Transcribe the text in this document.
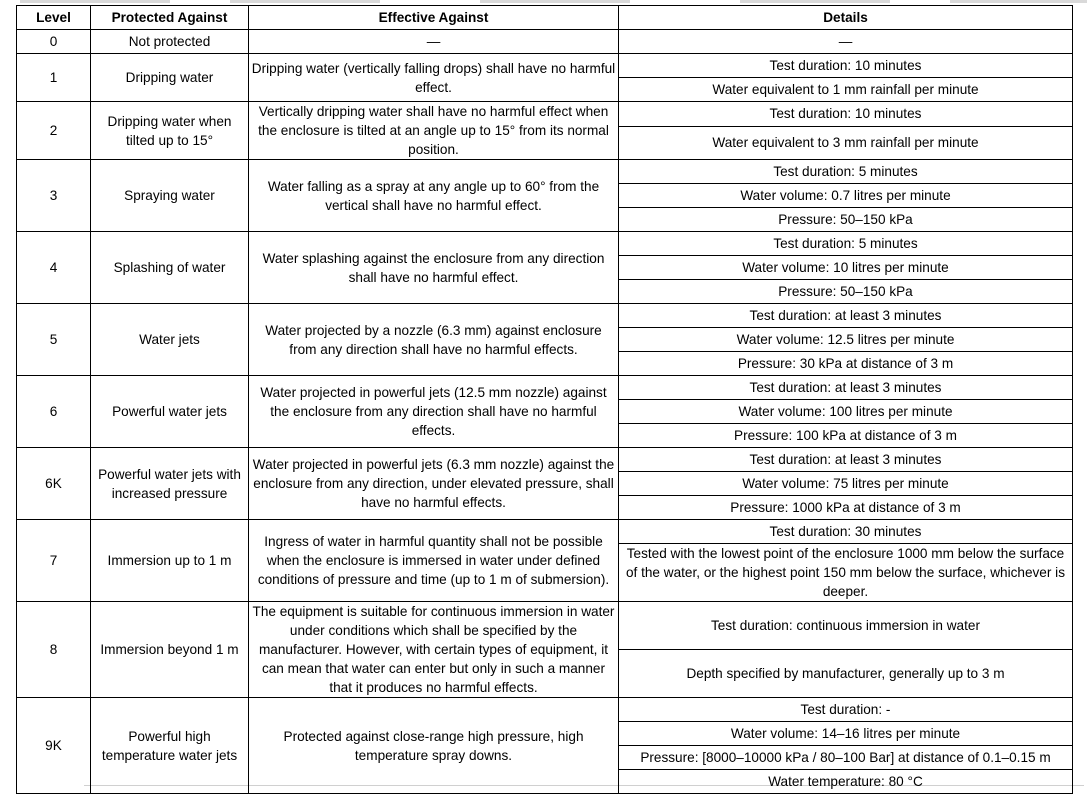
Level	Protected Against	Effective Against	Details
0	Not protected	—	—
1	Dripping water	Dripping water (vertically falling drops) shall have no harmful effect.	Test duration: 10 minutes
			Water equivalent to 1 mm rainfall per minute
2	Dripping water when tilted up to 15°	Vertically dripping water shall have no harmful effect when the enclosure is tilted at an angle up to 15° from its normal position.	Test duration: 10 minutes
			Water equivalent to 3 mm rainfall per minute
3	Spraying water	Water falling as a spray at any angle up to 60° from the vertical shall have no harmful effect.	Test duration: 5 minutes
			Water volume: 0.7 litres per minute
			Pressure: 50–150 kPa
4	Splashing of water	Water splashing against the enclosure from any direction shall have no harmful effect.	Test duration: 5 minutes
			Water volume: 10 litres per minute
			Pressure: 50–150 kPa
5	Water jets	Water projected by a nozzle (6.3 mm) against enclosure from any direction shall have no harmful effects.	Test duration: at least 3 minutes
			Water volume: 12.5 litres per minute
			Pressure: 30 kPa at distance of 3 m
6	Powerful water jets	Water projected in powerful jets (12.5 mm nozzle) against the enclosure from any direction shall have no harmful effects.	Test duration: at least 3 minutes
			Water volume: 100 litres per minute
			Pressure: 100 kPa at distance of 3 m
6K	Powerful water jets with increased pressure	Water projected in powerful jets (6.3 mm nozzle) against the enclosure from any direction, under elevated pressure, shall have no harmful effects.	Test duration: at least 3 minutes
			Water volume: 75 litres per minute
			Pressure: 1000 kPa at distance of 3 m
7	Immersion up to 1 m	Ingress of water in harmful quantity shall not be possible when the enclosure is immersed in water under defined conditions of pressure and time (up to 1 m of submersion).	Test duration: 30 minutes
			Tested with the lowest point of the enclosure 1000 mm below the surface of the water, or the highest point 150 mm below the surface, whichever is deeper.
8	Immersion beyond 1 m	The equipment is suitable for continuous immersion in water under conditions which shall be specified by the manufacturer. However, with certain types of equipment, it can mean that water can enter but only in such a manner that it produces no harmful effects.	Test duration: continuous immersion in water
			Depth specified by manufacturer, generally up to 3 m
9K	Powerful high temperature water jets	Protected against close-range high pressure, high temperature spray downs.	Test duration: -
			Water volume: 14–16 litres per minute
			Pressure: [8000–10000 kPa / 80–100 Bar] at distance of 0.1–0.15 m
			Water temperature: 80 °C
